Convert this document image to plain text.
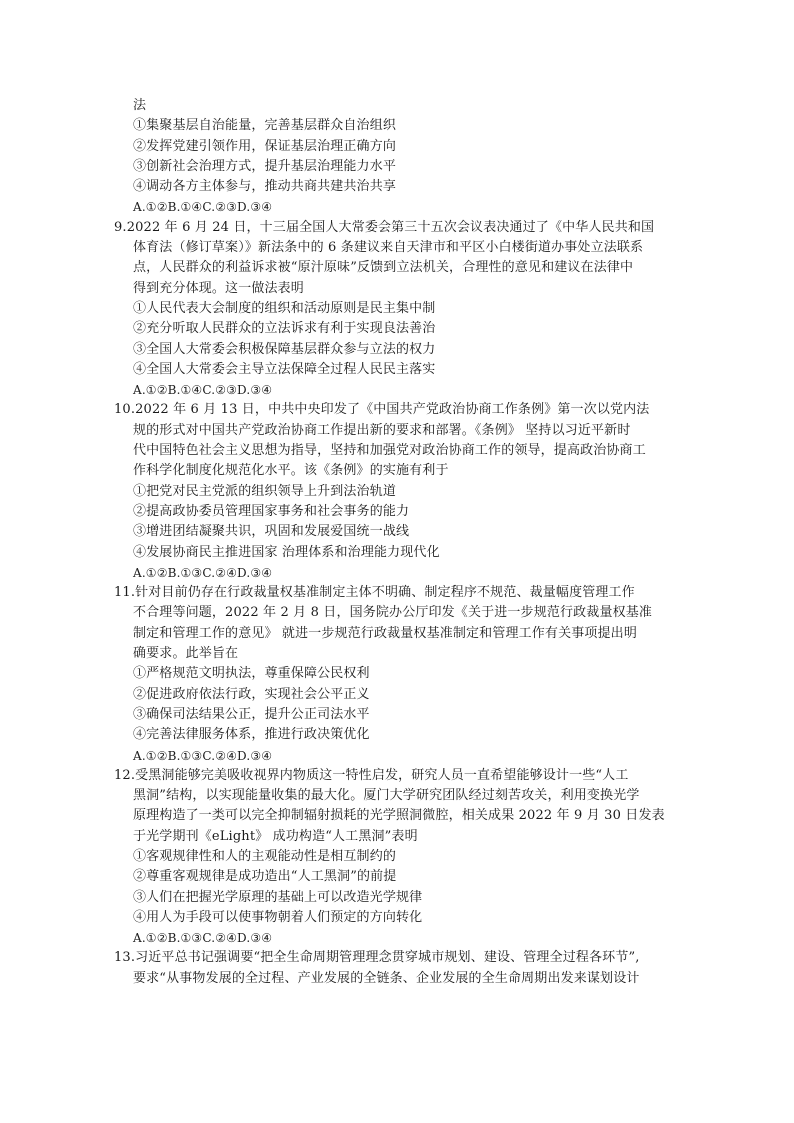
法
①集聚基层自治能量，完善基层群众自治组织
②发挥党建引领作用，保证基层治理正确方向
③创新社会治理方式，提升基层治理能力水平
④调动各方主体参与，推动共商共建共治共享
A.①②B.①④C.②③D.③④
9.2022 年 6 月 24 日，十三届全国人大常委会第三十五次会议表决通过了《中华人民共和国
体育法（修订草案）》新法条中的 6 条建议来自天津市和平区小白楼街道办事处立法联系
点，人民群众的利益诉求被“原汁原味”反馈到立法机关，合理性的意见和建议在法律中
得到充分体现。这一做法表明
①人民代表大会制度的组织和活动原则是民主集中制
②充分听取人民群众的立法诉求有利于实现良法善治
③全国人大常委会积极保障基层群众参与立法的权力
④全国人大常委会主导立法保障全过程人民民主落实
A.①②B.①④C.②③D.③④
10.2022 年 6 月 13 日，中共中央印发了《中国共产党政治协商工作条例》第一次以党内法
规的形式对中国共产党政治协商工作提出新的要求和部署。《条例》 坚持以习近平新时
代中国特色社会主义思想为指导，坚持和加强党对政治协商工作的领导，提高政治协商工
作科学化制度化规范化水平。该《条例》的实施有利于
①把党对民主党派的组织领导上升到法治轨道
②提高政协委员管理国家事务和社会事务的能力
③增进团结凝聚共识，巩固和发展爱国统一战线
④发展协商民主推进国家 治理体系和治理能力现代化
A.①②B.①③C.②④D.③④
11.针对目前仍存在行政裁量权基准制定主体不明确、制定程序不规范、裁量幅度管理工作
不合理等问题，2022 年 2 月 8 日，国务院办公厅印发《关于进一步规范行政裁量权基准
制定和管理工作的意见》 就进一步规范行政裁量权基准制定和管理工作有关事项提出明
确要求。此举旨在
①严格规范文明执法，尊重保障公民权利
②促进政府依法行政，实现社会公平正义
③确保司法结果公正，提升公正司法水平
④完善法律服务体系，推进行政决策优化
A.①②B.①③C.②④D.③④
12.受黑洞能够完美吸收视界内物质这一特性启发，研究人员一直希望能够设计一些“人工
黑洞”结构，以实现能量收集的最大化。厦门大学研究团队经过刻苦攻关，利用变换光学
原理构造了一类可以完全抑制辐射损耗的光学照洞微腔，相关成果 2022 年 9 月 30 日发表
于光学期刊《eLight》 成功构造“人工黑洞”表明
①客观规律性和人的主观能动性是相互制约的
②尊重客观规律是成功造出“人工黑洞”的前提
③人们在把握光学原理的基础上可以改造光学规律
④用人为手段可以使事物朝着人们预定的方向转化
A.①②B.①③C.②④D.③④
13.习近平总书记强调要“把全生命周期管理理念贯穿城市规划、建设、管理全过程各环节”,
要求“从事物发展的全过程、产业发展的全链条、企业发展的全生命周期出发来谋划设计
